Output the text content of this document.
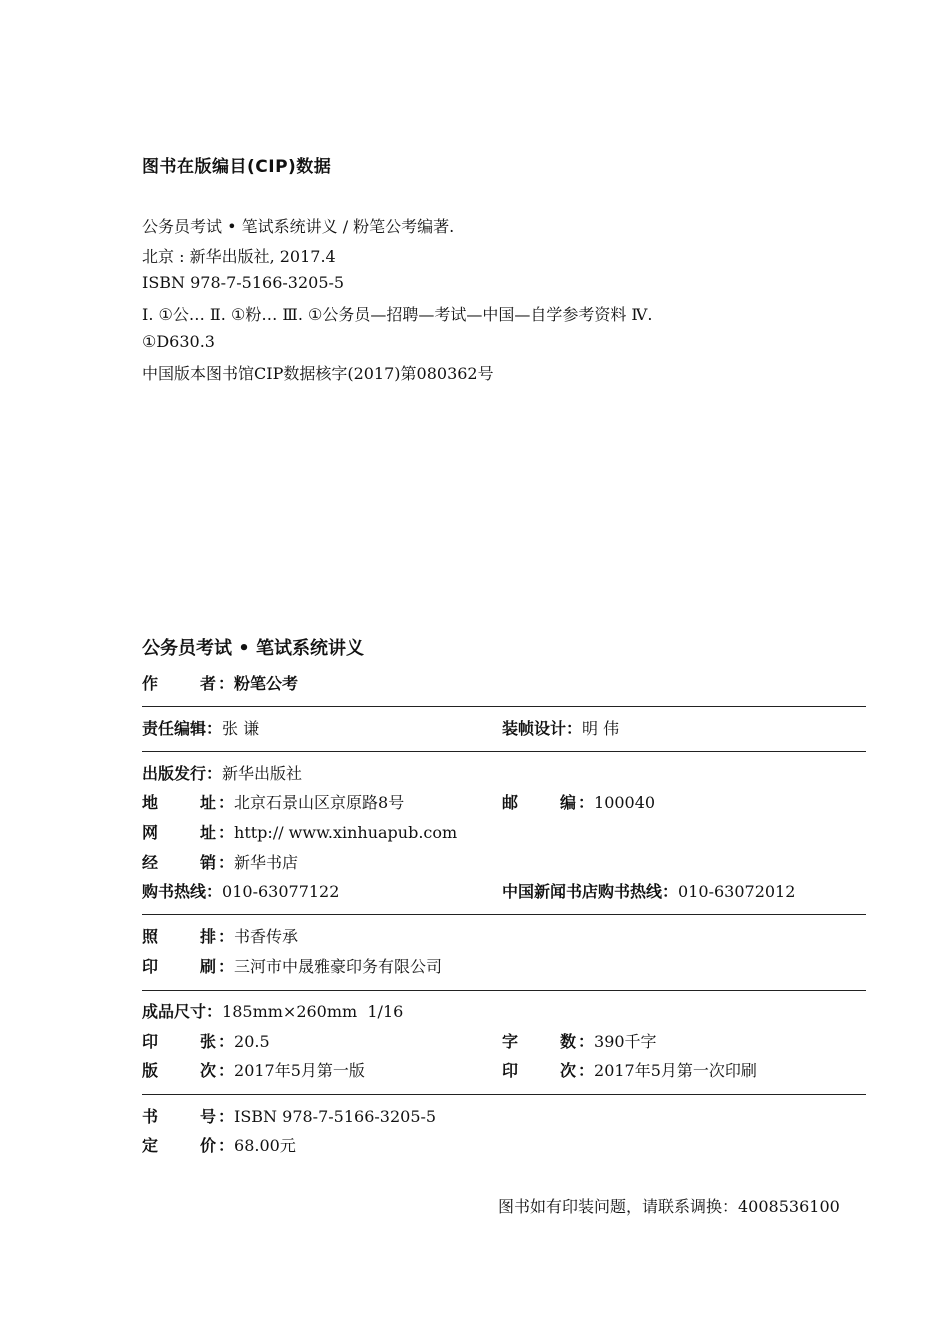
图书在版编目(CIP)数据
公务员考试 • 笔试系统讲义 / 粉笔公考编著.
北京 : 新华出版社, 2017.4
ISBN 978-7-5166-3205-5
Ⅰ. ①公… Ⅱ. ①粉… Ⅲ. ①公务员—招聘—考试—中国—自学参考资料 Ⅳ.
①D630.3
中国版本图书馆CIP数据核字(2017)第080362号
公务员考试 • 笔试系统讲义
作	者 ：粉笔公考
责任编辑：张 谦	装帧设计：明 伟
出版发行：新华出版社
地	址 ：北京石景山区京原路8号	邮	编 ：100040
网	址 ：http:// www.xinhuapub.com
经	销 ：新华书店
购书热线：010-63077122	中国新闻书店购书热线：010-63072012
照	排 ：书香传承
印	刷 ：三河市中晟雅豪印务有限公司
成品尺寸：185mm×260mm  1/16
印	张 ：20.5	字	数 ：390千字
版	次 ：2017年5月第一版	印	次 ：2017年5月第一次印刷
书	号 ：ISBN 978-7-5166-3205-5
定	价 ：68.00元
图书如有印装问题，请联系调换：4008536100
